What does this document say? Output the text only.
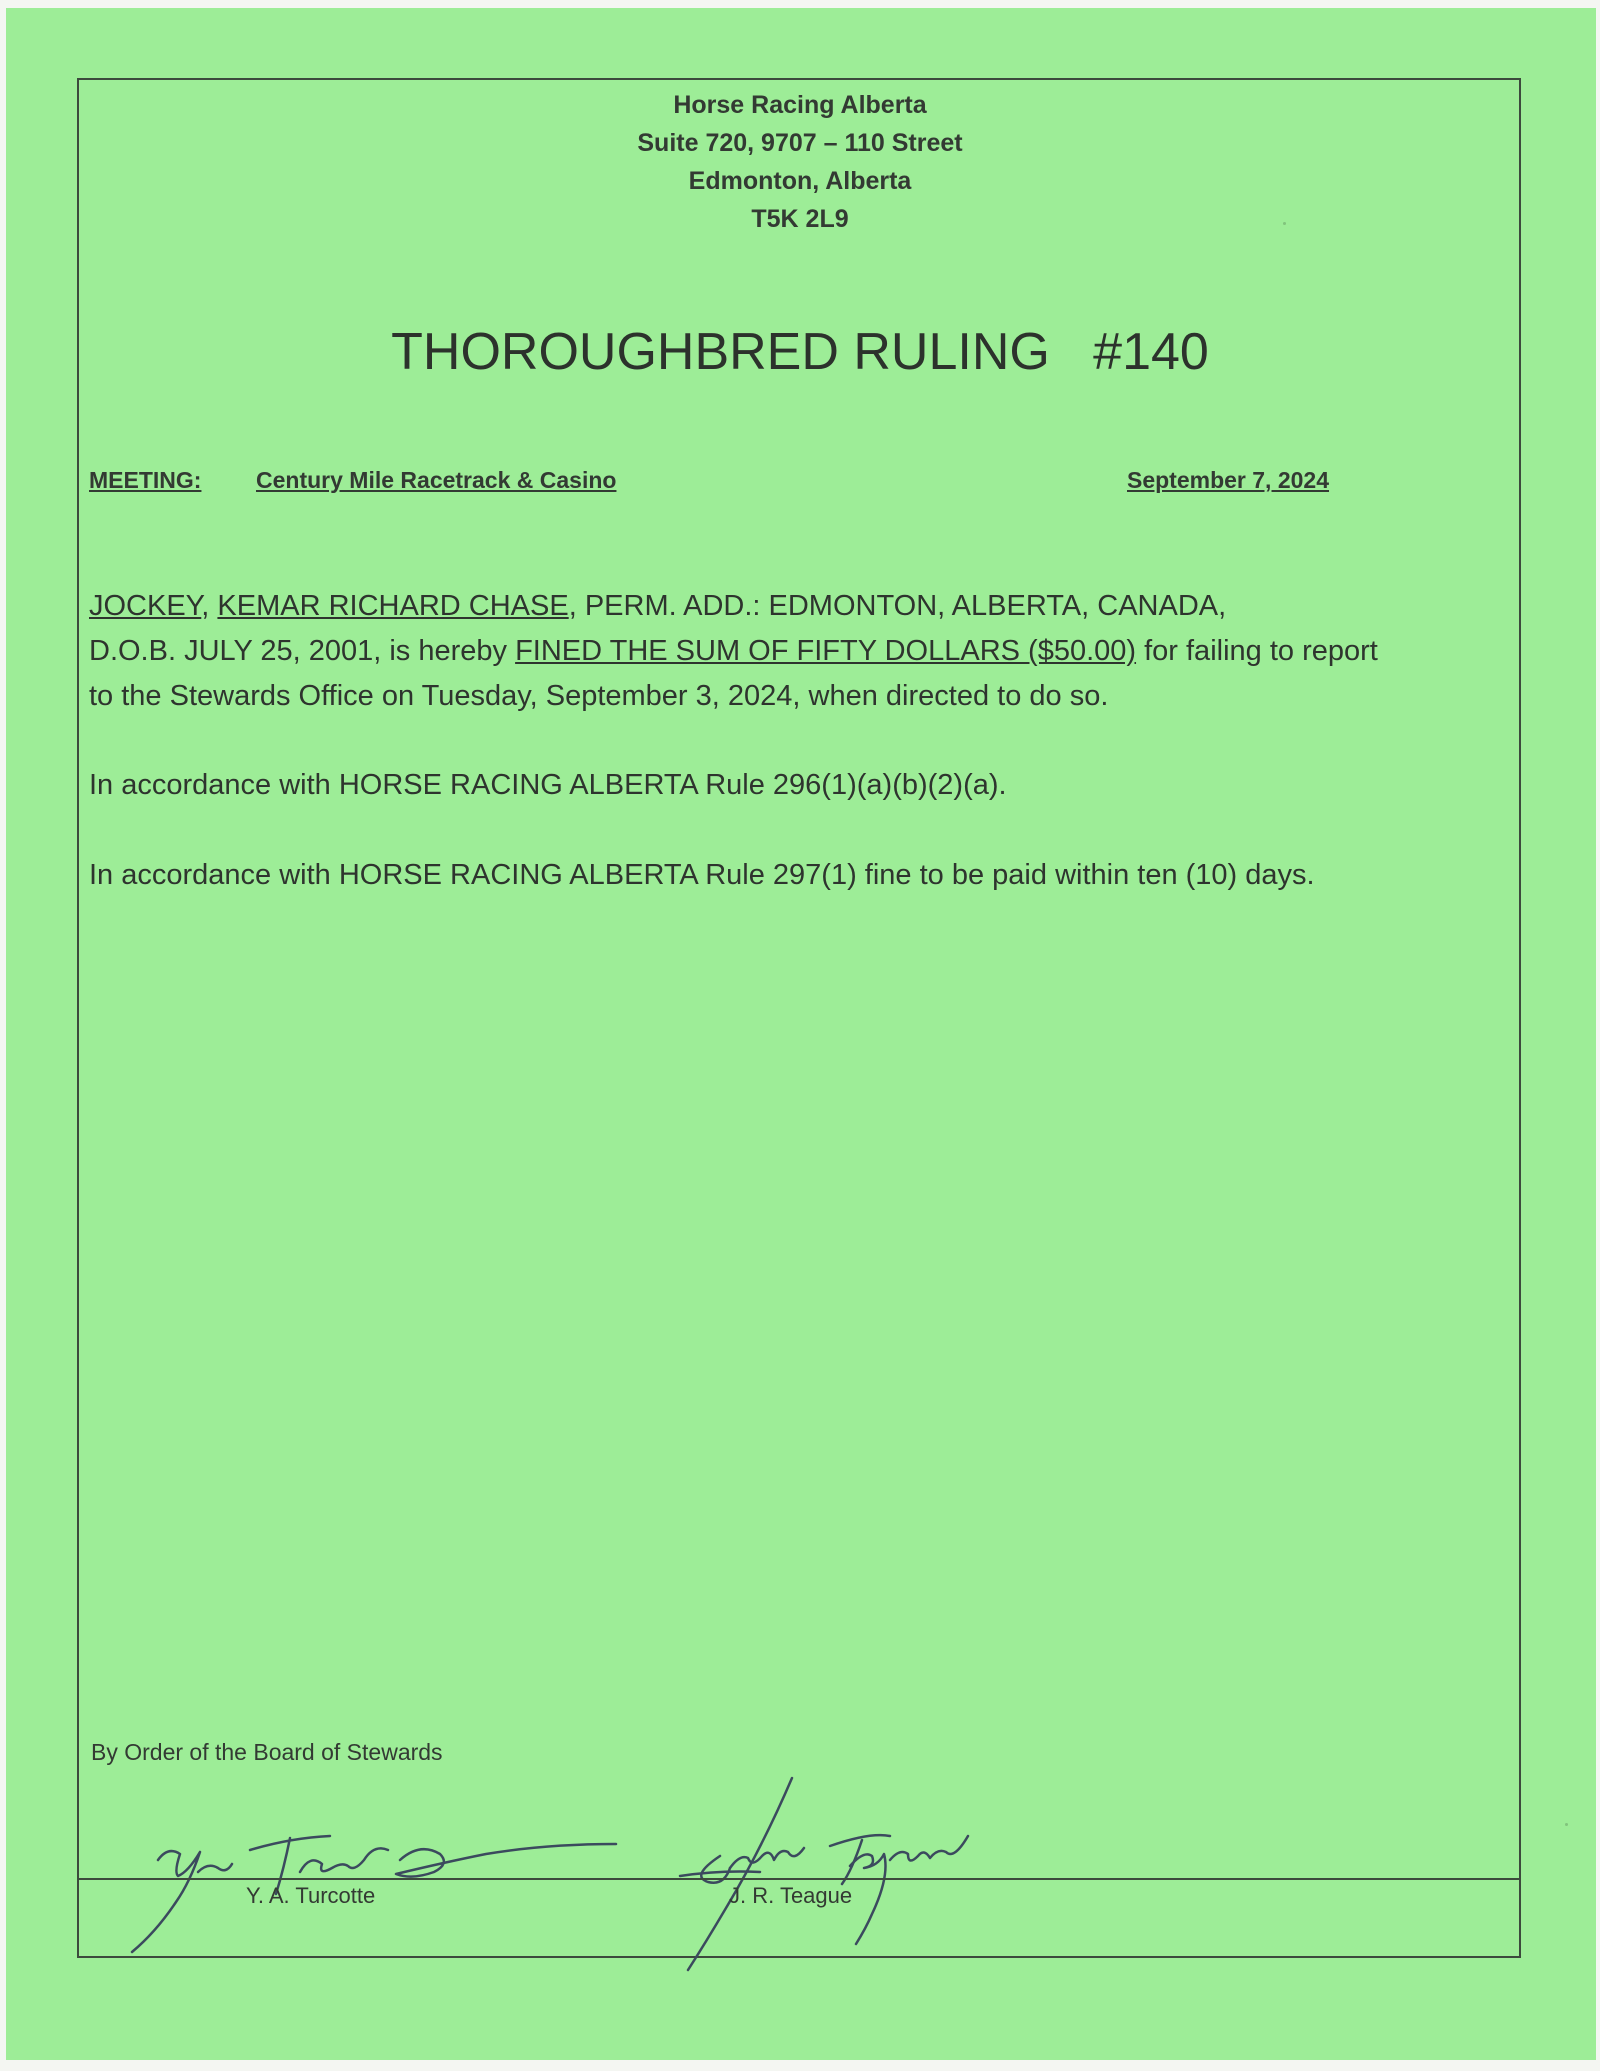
Horse Racing Alberta
Suite 720, 9707 – 110 Street
Edmonton, Alberta
T5K 2L9
THOROUGHBRED RULING   #140
MEETING: Century Mile Racetrack & Casino	September 7, 2024
JOCKEY, KEMAR RICHARD CHASE, PERM. ADD.: EDMONTON, ALBERTA, CANADA,
D.O.B. JULY 25, 2001, is hereby FINED THE SUM OF FIFTY DOLLARS ($50.00) for failing to report
to the Stewards Office on Tuesday, September 3, 2024, when directed to do so.
In accordance with HORSE RACING ALBERTA Rule 296(1)(a)(b)(2)(a).
In accordance with HORSE RACING ALBERTA Rule 297(1) fine to be paid within ten (10) days.
By Order of the Board of Stewards
Y. A. Turcotte	J. R. Teague
